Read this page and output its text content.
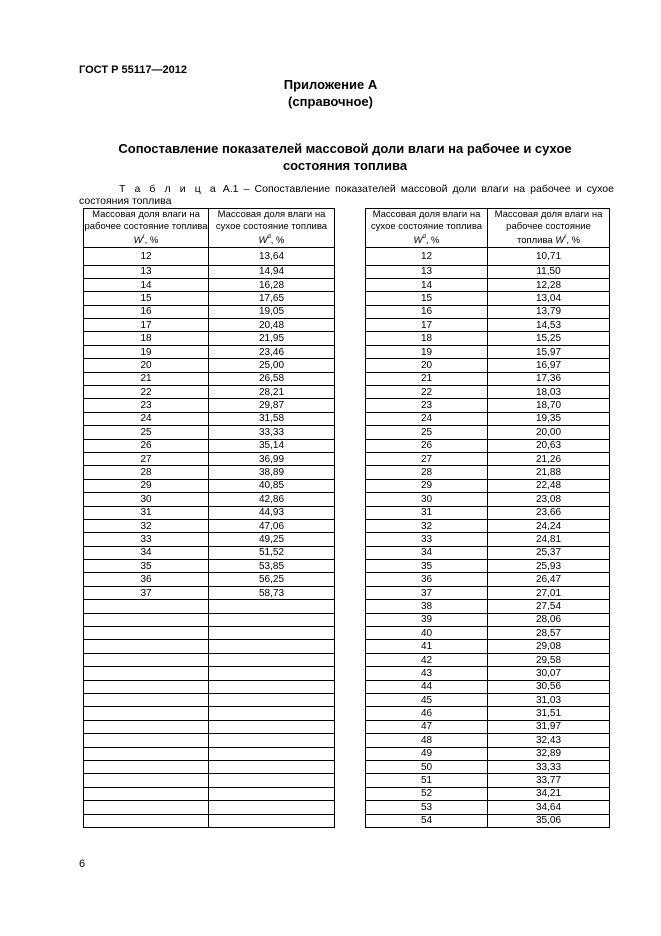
ГОСТ Р 55117—2012
Приложение А
(справочное)
Сопоставление показателей массовой доли влаги на рабочее и сухое
состояния топлива
Т а б л и ц а А.1 – Сопоставление показателей массовой доли влаги на рабочее и сухое состояния топлива
Массовая доля влаги на рабочее состояние топлива $W^r$, %	Массовая доля влаги на сухое состояние топлива $W^d$, %
12	13,64
13	14,94
14	16,28
15	17,65
16	19,05
17	20,48
18	21,95
19	23,46
20	25,00
21	26,58
22	28,21
23	29,87
24	31,58
25	33,33
26	35,14
27	36,99
28	38,89
29	40,85
30	42,86
31	44,93
32	47,06
33	49,25
34	51,52
35	53,85
36	56,25
37	58,73

Массовая доля влаги на сухое состояние топлива $W^d$, %	Массовая доля влаги на рабочее состояние топлива $W^r$, %
12	10,71
13	11,50
14	12,28
15	13,04
16	13,79
17	14,53
18	15,25
19	15,97
20	16,97
21	17,36
22	18,03
23	18,70
24	19,35
25	20,00
26	20,63
27	21,26
28	21,88
29	22,48
30	23,08
31	23,66
32	24,24
33	24,81
34	25,37
35	25,93
36	26,47
37	27,01
38	27,54
39	28,06
40	28,57
41	29,08
42	29,58
43	30,07
44	30,56
45	31,03
46	31,51
47	31,97
48	32,43
49	32,89
50	33,33
51	33,77
52	34,21
53	34,64
54	35,06
6
